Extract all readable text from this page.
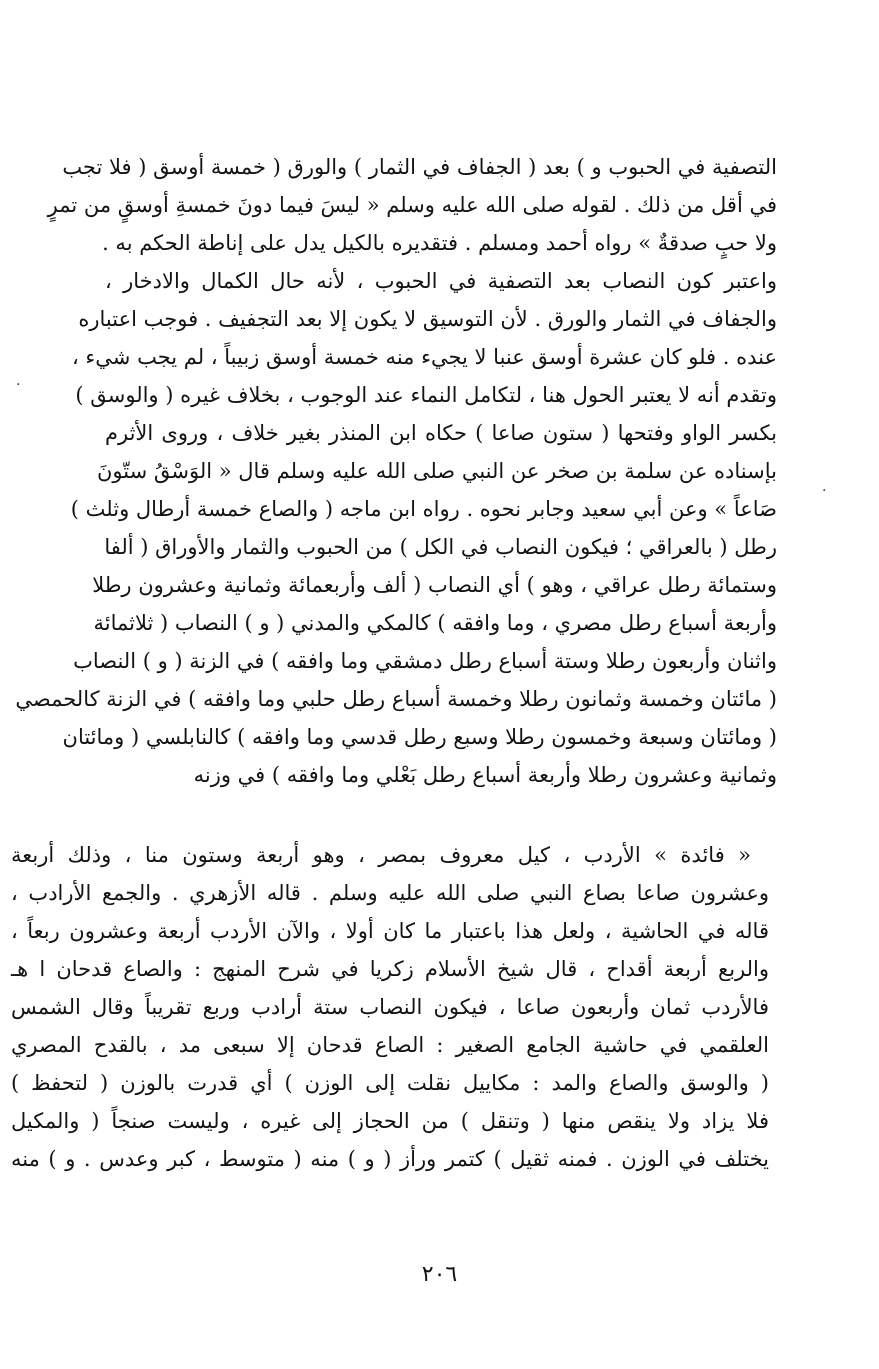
التصفية في الحبوب و ) بعد ( الجفاف في الثمار ) والورق ( خمسة أوسق ( فلا تجب
في أقل من ذلك . لقوله صلى الله عليه وسلم « ليسَ فيما دونَ خمسةِ أوسقٍ من تمرٍ
ولا حبٍ صدقةٌ » رواه أحمد ومسلم . فتقديره بالكيل يدل على إناطة الحكم به .
واعتبر كون النصاب بعد التصفية في الحبوب ، لأنه حال الكمال والادخار ،
والجفاف في الثمار والورق . لأن التوسيق لا يكون إلا بعد التجفيف . فوجب اعتباره
عنده . فلو كان عشرة أوسق عنبا لا يجيء منه خمسة أوسق زبيباً ، لم يجب شيء ،
وتقدم أنه لا يعتبر الحول هنا ، لتكامل النماء عند الوجوب ، بخلاف غيره ( والوسق )
بكسر الواو وفتحها ( ستون صاعا ) حكاه ابن المنذر بغير خلاف ، وروى الأثرم
بإسناده عن سلمة بن صخر عن النبي صلى الله عليه وسلم قال « الوَسْقُ ستّونَ
صَاعاً » وعن أبي سعيد وجابر نحوه . رواه ابن ماجه ( والصاع خمسة أرطال وثلث )
رطل ( بالعراقي ؛ فيكون النصاب في الكل ) من الحبوب والثمار والأوراق ( ألفا
وستمائة رطل عراقي ، وهو ) أي النصاب ( ألف وأربعمائة وثمانية وعشرون رطلا
وأربعة أسباع رطل مصري ، وما وافقه ) كالمكي والمدني ( و ) النصاب ( ثلاثمائة
واثنان وأربعون رطلا وستة أسباع رطل دمشقي وما وافقه ) في الزنة ( و ) النصاب
( مائتان وخمسة وثمانون رطلا وخمسة أسباع رطل حلبي وما وافقه ) في الزنة كالحمصي
( ومائتان وسبعة وخمسون رطلا وسبع رطل قدسي وما وافقه ) كالنابلسي ( ومائتان
وثمانية وعشرون رطلا وأربعة أسباع رطل بَعْلي وما وافقه ) في وزنه
« فائدة » الأردب ، كيل معروف بمصر ، وهو أربعة وستون منا ، وذلك أربعة
وعشرون صاعا بصاع النبي صلى الله عليه وسلم . قاله الأزهري . والجمع الأرادب ،
قاله في الحاشية ، ولعل هذا باعتبار ما كان أولا ، والآن الأردب أربعة وعشرون ربعاً ،
والربع أربعة أقداح ، قال شيخ الأسلام زكريا في شرح المنهج : والصاع قدحان ا هـ
فالأردب ثمان وأربعون صاعا ، فيكون النصاب ستة أرادب وربع تقريباً وقال الشمس
العلقمي في حاشية الجامع الصغير : الصاع قدحان إلا سبعى مد ، بالقدح المصري
( والوسق والصاع والمد : مكاييل نقلت إلى الوزن ) أي قدرت بالوزن ( لتحفظ )
فلا يزاد ولا ينقص منها ( وتنقل ) من الحجاز إلى غيره ، وليست صنجاً ( والمكيل
يختلف في الوزن . فمنه ثقيل ) كتمر ورأز ( و ) منه ( متوسط ، كبر وعدس . و ) منه
٢٠٦
·
·
